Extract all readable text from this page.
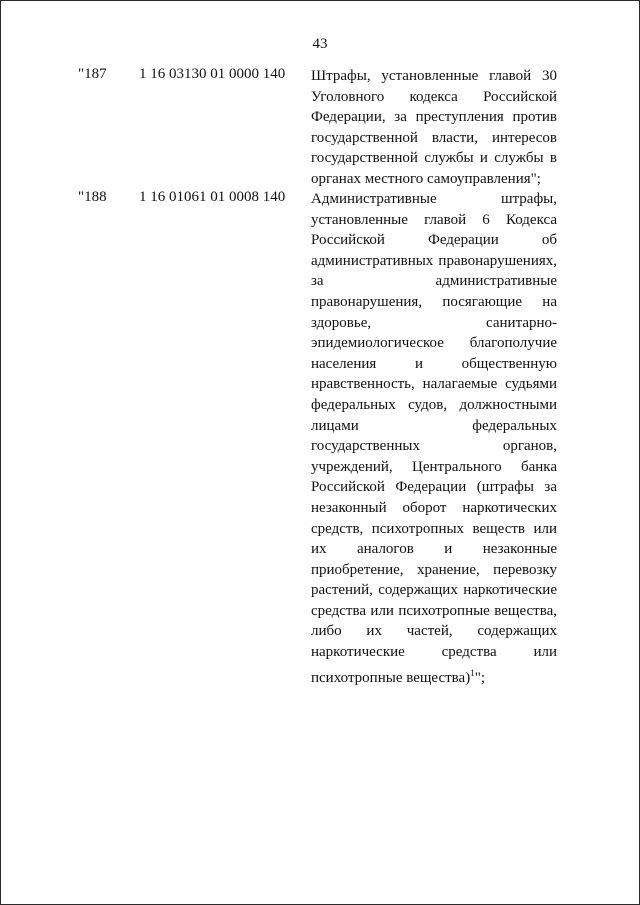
43
"187 1 16 03130 01 0000 140 Штрафы, установленные главой 30
Уголовного кодекса Российской
Федерации, за преступления против
государственной власти, интересов
государственной службы и службы в
органах местного самоуправления";
"188 1 16 01061 01 0008 140 Административные штрафы,
установленные главой 6 Кодекса
Российской Федерации об
административных правонарушениях,
за административные
правонарушения, посягающие на
здоровье, санитарно-
эпидемиологическое благополучие
населения и общественную
нравственность, налагаемые судьями
федеральных судов, должностными
лицами федеральных
государственных органов,
учреждений, Центрального банка
Российской Федерации (штрафы за
незаконный оборот наркотических
средств, психотропных веществ или
их аналогов и незаконные
приобретение, хранение, перевозку
растений, содержащих наркотические
средства или психотропные вещества,
либо их частей, содержащих
наркотические средства или
психотропные вещества)$^1$";
